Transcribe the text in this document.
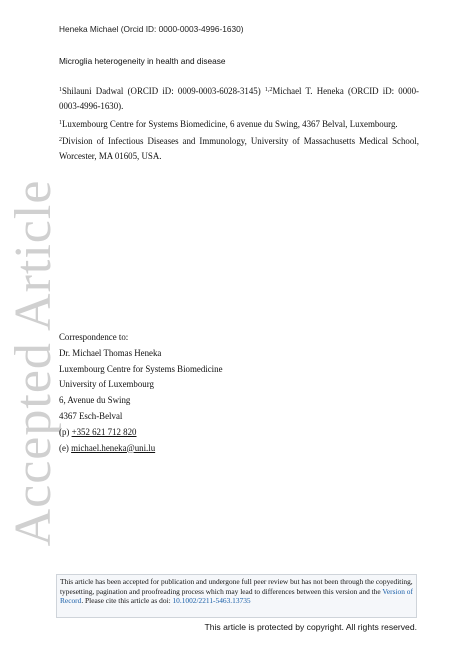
Accepted Article
Heneka Michael (Orcid ID: 0000-0003-4996-1630)
Microglia heterogeneity in health and disease
$^1$Shilauni Dadwal (ORCID iD: 0009-0003-6028-3145) $^{1,2}$Michael T. Heneka (ORCID iD: 0000-0003-4996-1630).
$^1$Luxembourg Centre for Systems Biomedicine, 6 avenue du Swing, 4367 Belval, Luxembourg.
$^2$Division of Infectious Diseases and Immunology, University of Massachusetts Medical School, Worcester, MA 01605, USA.
Correspondence to:
Dr. Michael Thomas Heneka
Luxembourg Centre for Systems Biomedicine
University of Luxembourg
6, Avenue du Swing
4367 Esch-Belval
(p) +352 621 712 820
(e) michael.heneka@uni.lu
This article has been accepted for publication and undergone full peer review but has not been through the copyediting, typesetting, pagination and proofreading process which may lead to differences between this version and the Version of Record. Please cite this article as doi: 10.1002/2211-5463.13735
This article is protected by copyright. All rights reserved.
